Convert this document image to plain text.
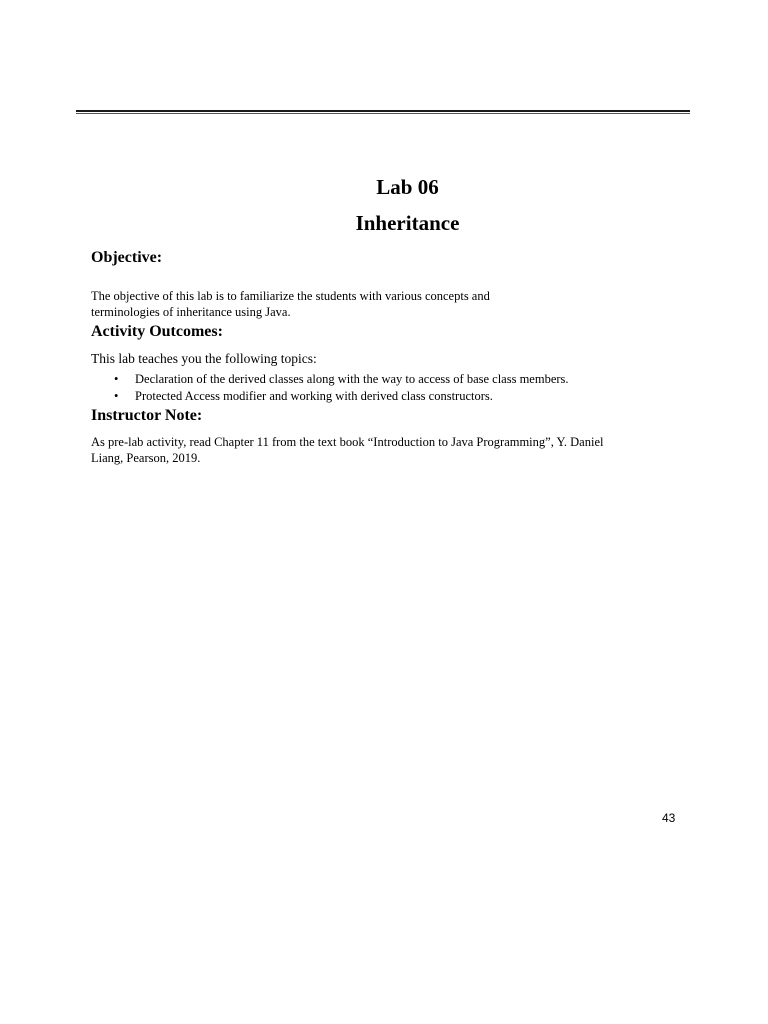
Lab 06
Inheritance
Objective:
The objective of this lab is to familiarize the students with various concepts and
terminologies of inheritance using Java.
Activity Outcomes:
This lab teaches you the following topics:
• Declaration of the derived classes along with the way to access of base class members.
• Protected Access modifier and working with derived class constructors.
Instructor Note:
As pre-lab activity, read Chapter 11 from the text book “Introduction to Java Programming”, Y. Daniel
Liang, Pearson, 2019.
43
